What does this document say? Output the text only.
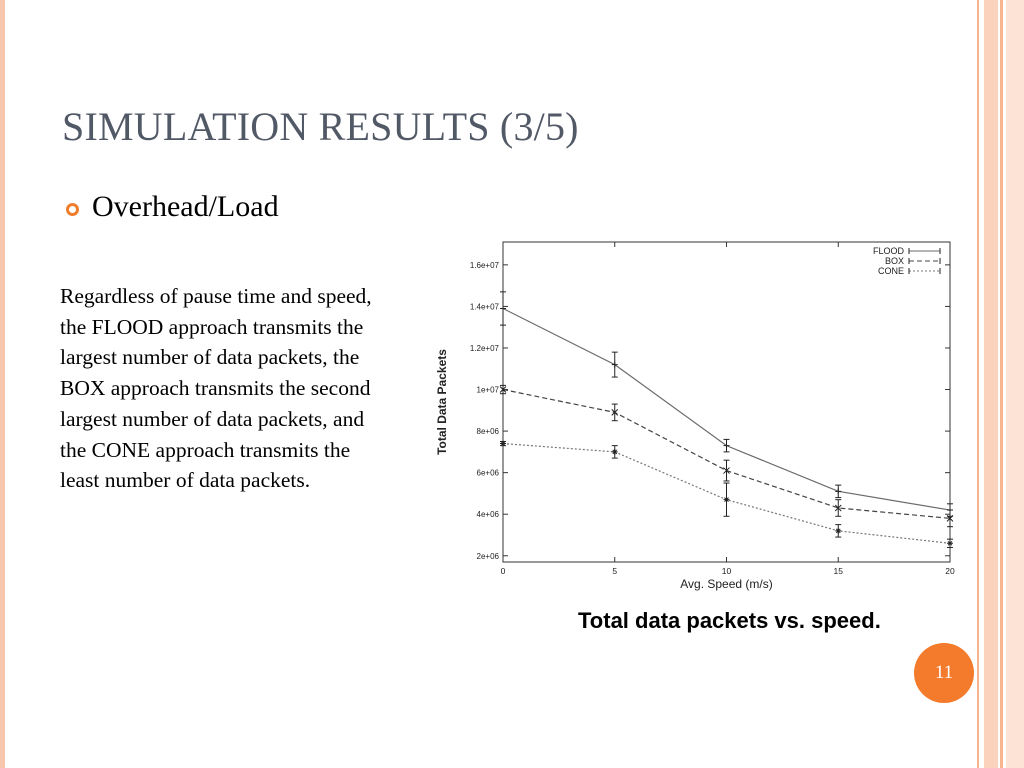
SIMULATION RESULTS (3/5)
Overhead/Load

Regardless of pause time and speed, the FLOOD approach transmits the largest number of data packets, the BOX approach transmits the second largest number of data packets, and the CONE approach transmits the least number of data packets.

2e+06
4e+06
6e+06
8e+06
1e+07
1.2e+07
1.4e+07
1.6e+07
0	5	10	15	20
Avg. Speed (m/s)
Total Data Packets
FLOOD
BOX
CONE
Total data packets vs. speed.
11
